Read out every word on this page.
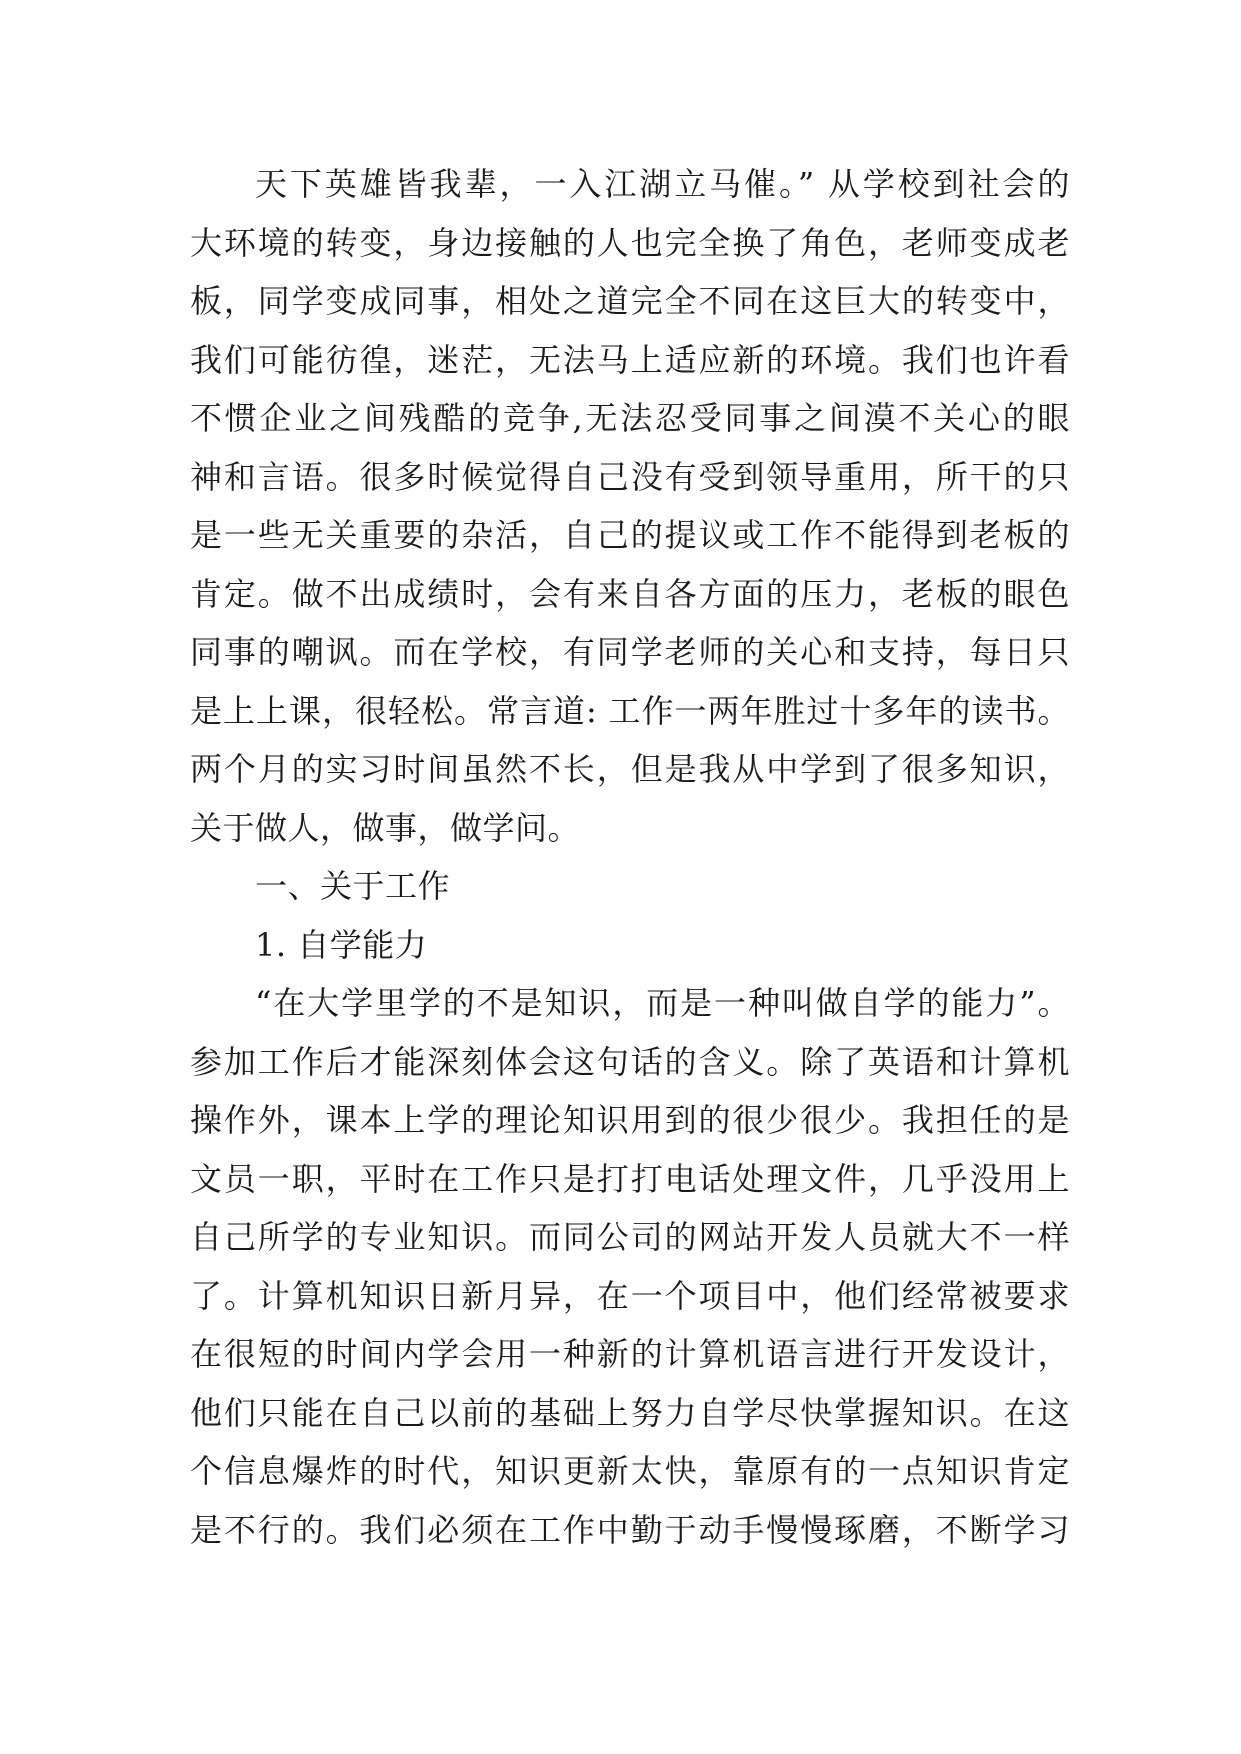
天下英雄皆我辈，一入江湖立马催。” 从学校到社会的
大环境的转变，身边接触的人也完全换了角色，老师变成老
板，同学变成同事，相处之道完全不同在这巨大的转变中，
我们可能彷徨，迷茫，无法马上适应新的环境。我们也许看
不惯企业之间残酷的竞争,无法忍受同事之间漠不关心的眼
神和言语。很多时候觉得自己没有受到领导重用，所干的只
是一些无关重要的杂活，自己的提议或工作不能得到老板的
肯定。做不出成绩时，会有来自各方面的压力，老板的眼色
同事的嘲讽。而在学校，有同学老师的关心和支持，每日只
是上上课，很轻松。常言道: 工作一两年胜过十多年的读书。
两个月的实习时间虽然不长，但是我从中学到了很多知识，
关于做人，做事，做学问。
一、关于工作
1. 自学能力
“在大学里学的不是知识，而是一种叫做自学的能力”。
参加工作后才能深刻体会这句话的含义。除了英语和计算机
操作外，课本上学的理论知识用到的很少很少。我担任的是
文员一职，平时在工作只是打打电话处理文件，几乎没用上
自己所学的专业知识。而同公司的网站开发人员就大不一样
了。计算机知识日新月异，在一个项目中，他们经常被要求
在很短的时间内学会用一种新的计算机语言进行开发设计，
他们只能在自己以前的基础上努力自学尽快掌握知识。在这
个信息爆炸的时代，知识更新太快，靠原有的一点知识肯定
是不行的。我们必须在工作中勤于动手慢慢琢磨，不断学习
